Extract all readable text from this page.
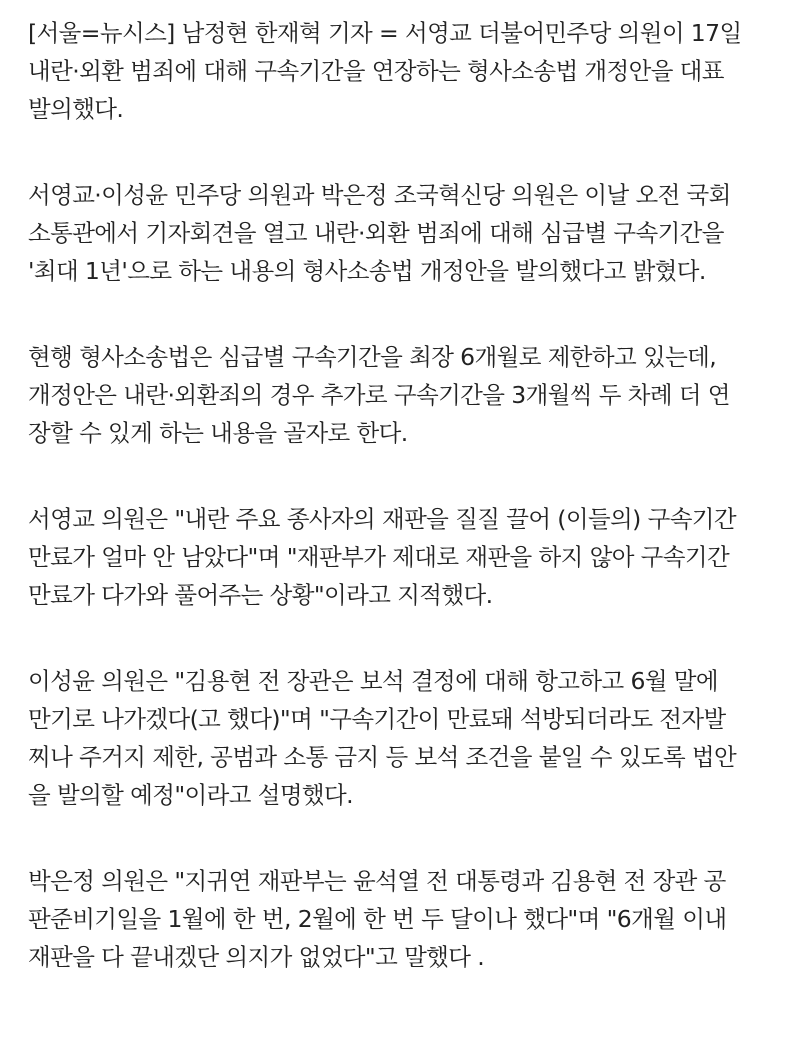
[서울=뉴시스] 남정현 한재혁 기자 = 서영교 더불어민주당 의원이 17일
내란·외환 범죄에 대해 구속기간을 연장하는 형사소송법 개정안을 대표
발의했다.
서영교·이성윤 민주당 의원과 박은정 조국혁신당 의원은 이날 오전 국회
소통관에서 기자회견을 열고 내란·외환 범죄에 대해 심급별 구속기간을
'최대 1년'으로 하는 내용의 형사소송법 개정안을 발의했다고 밝혔다.
현행 형사소송법은 심급별 구속기간을 최장 6개월로 제한하고 있는데,
개정안은 내란·외환죄의 경우 추가로 구속기간을 3개월씩 두 차례 더 연
장할 수 있게 하는 내용을 골자로 한다.
서영교 의원은 "내란 주요 종사자의 재판을 질질 끌어 (이들의) 구속기간
만료가 얼마 안 남았다"며 "재판부가 제대로 재판을 하지 않아 구속기간
만료가 다가와 풀어주는 상황"이라고 지적했다.
이성윤 의원은 "김용현 전 장관은 보석 결정에 대해 항고하고 6월 말에
만기로 나가겠다(고 했다)"며 "구속기간이 만료돼 석방되더라도 전자발
찌나 주거지 제한, 공범과 소통 금지 등 보석 조건을 붙일 수 있도록 법안
을 발의할 예정"이라고 설명했다.
박은정 의원은 "지귀연 재판부는 윤석열 전 대통령과 김용현 전 장관 공
판준비기일을 1월에 한 번, 2월에 한 번 두 달이나 했다"며 "6개월 이내
재판을 다 끝내겠단 의지가 없었다"고 말했다 .
